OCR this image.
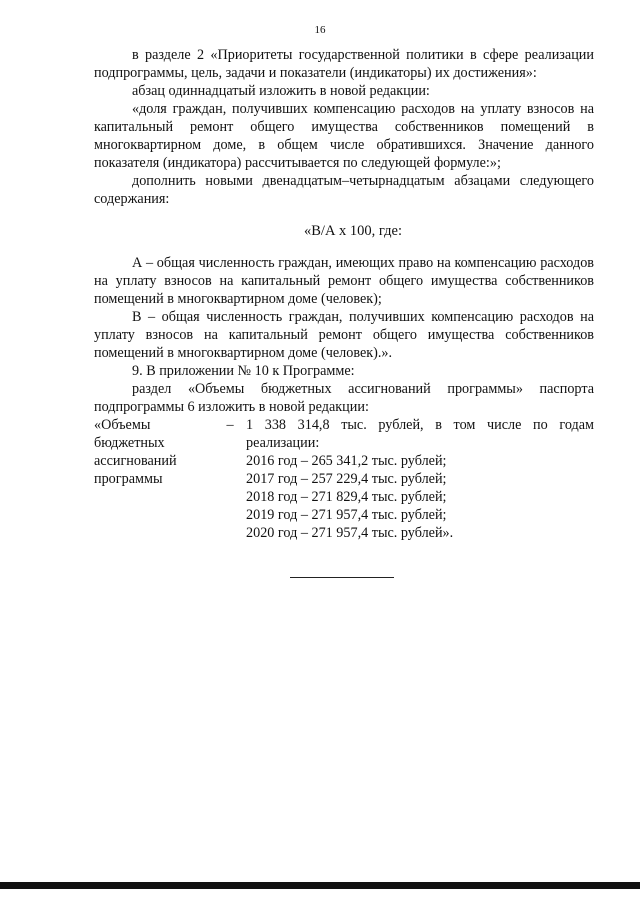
16

в разделе 2 «Приоритеты государственной политики в сфере реализации подпрограммы, цель, задачи и показатели (индикаторы) их достижения»:

абзац одиннадцатый изложить в новой редакции:

«доля граждан, получивших компенсацию расходов на уплату взносов на капитальный ремонт общего имущества собственников помещений в многоквартирном доме, в общем числе обратившихся. Значение данного показателя (индикатора) рассчитывается по следующей формуле:»;

дополнить новыми двенадцатым–четырнадцатым абзацами следующего содержания:

«В/А х 100, где:

А – общая численность граждан, имеющих право на компенсацию расходов на уплату взносов на капитальный ремонт общего имущества собственников помещений в многоквартирном доме (человек);

В – общая численность граждан, получивших компенсацию расходов на уплату взносов на капитальный ремонт общего имущества собственников помещений в многоквартирном доме (человек).».

9. В приложении № 10 к Программе:

раздел «Объемы бюджетных ассигнований программы» паспорта подпрограммы 6 изложить в новой редакции:

«Объемы
бюджетных
ассигнований
программы
– 1 338 314,8 тыс. рублей, в том числе по годам
реализации:
2016 год – 265 341,2 тыс. рублей;
2017 год – 257 229,4 тыс. рублей;
2018 год – 271 829,4 тыс. рублей;
2019 год – 271 957,4 тыс. рублей;
2020 год – 271 957,4 тыс. рублей».
